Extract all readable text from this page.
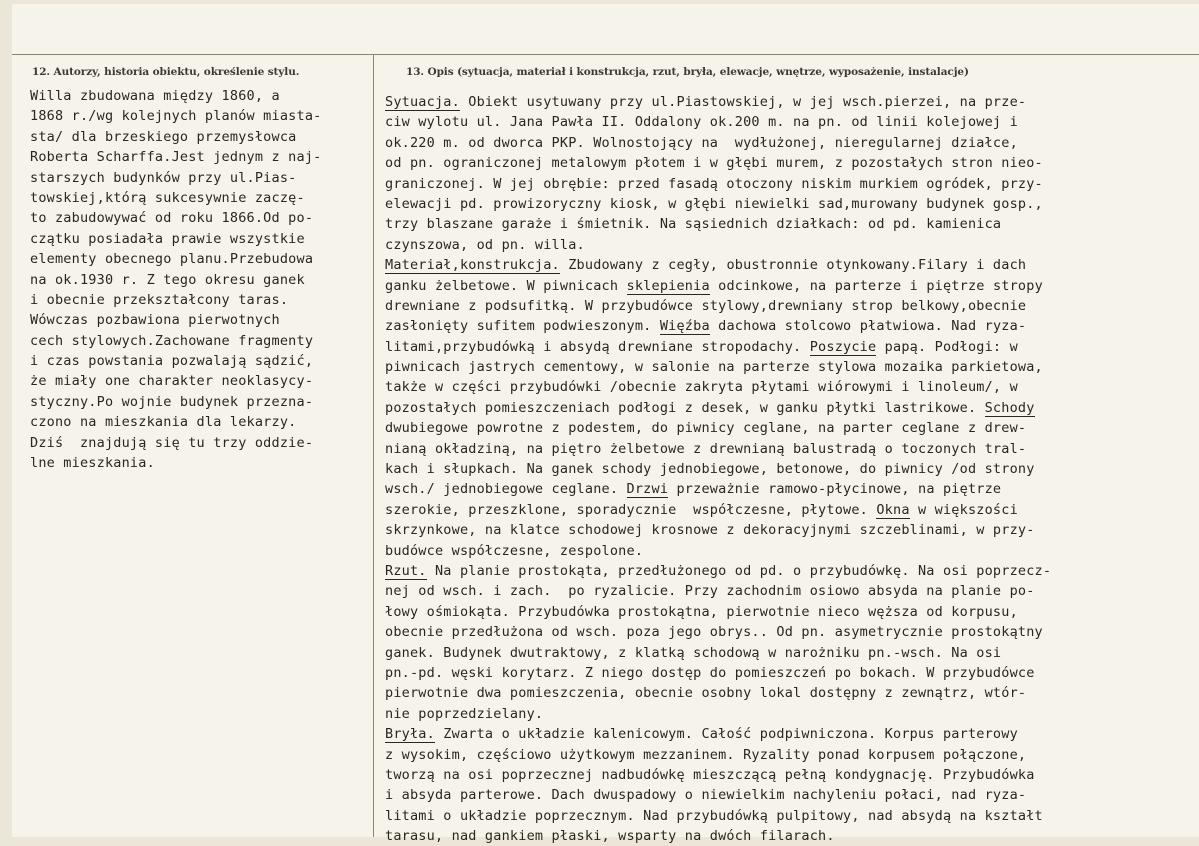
12. Autorzy, historia obiektu, określenie stylu.	13. Opis (sytuacja, materiał i konstrukcja, rzut, bryła, elewacje, wnętrze, wyposażenie, instalacje)
Willa zbudowana między 1860, a
1868 r./wg kolejnych planów miasta-
sta/ dla brzeskiego przemysłowca
Roberta Scharffa.Jest jednym z naj-
starszych budynków przy ul.Pias-
towskiej,którą sukcesywnie zaczę-
to zabudowywać od roku 1866.Od po-
czątku posiadała prawie wszystkie
elementy obecnego planu.Przebudowa
na ok.1930 r. Z tego okresu ganek
i obecnie przekształcony taras.
Wówczas pozbawiona pierwotnych
cech stylowych.Zachowane fragmenty
i czas powstania pozwalają sądzić,
że miały one charakter neoklasycy-
styczny.Po wojnie budynek przezna-
czono na mieszkania dla lekarzy.
Dziś  znajdują się tu trzy oddzie-
lne mieszkania.
Sytuacja. Obiekt usytuwany przy ul.Piastowskiej, w jej wsch.pierzei, na prze-
ciw wylotu ul. Jana Pawła II. Oddalony ok.200 m. na pn. od linii kolejowej i
ok.220 m. od dworca PKP. Wolnostojący na  wydłużonej, nieregularnej działce,
od pn. ograniczonej metalowym płotem i w głębi murem, z pozostałych stron nieo-
graniczonej. W jej obrębie: przed fasadą otoczony niskim murkiem ogródek, przy-
elewacji pd. prowizoryczny kiosk, w głębi niewielki sad,murowany budynek gosp.,
trzy blaszane garaże i śmietnik. Na sąsiednich działkach: od pd. kamienica
czynszowa, od pn. willa.
Materiał,konstrukcja. Zbudowany z cegły, obustronnie otynkowany.Filary i dach
ganku żelbetowe. W piwnicach sklepienia odcinkowe, na parterze i piętrze stropy
drewniane z podsufitką. W przybudówce stylowy,drewniany strop belkowy,obecnie
zasłonięty sufitem podwieszonym. Więźba dachowa stolcowo płatwiowa. Nad ryza-
litami,przybudówką i absydą drewniane stropodachy. Poszycie papą. Podłogi: w
piwnicach jastrych cementowy, w salonie na parterze stylowa mozaika parkietowa,
także w części przybudówki /obecnie zakryta płytami wiórowymi i linoleum/, w
pozostałych pomieszczeniach podłogi z desek, w ganku płytki lastrikowe. Schody
dwubiegowe powrotne z podestem, do piwnicy ceglane, na parter ceglane z drew-
nianą okładziną, na piętro żelbetowe z drewnianą balustradą o toczonych tral-
kach i słupkach. Na ganek schody jednobiegowe, betonowe, do piwnicy /od strony
wsch./ jednobiegowe ceglane. Drzwi przeważnie ramowo-płycinowe, na piętrze
szerokie, przeszklone, sporadycznie  współczesne, płytowe. Okna w większości
skrzynkowe, na klatce schodowej krosnowe z dekoracyjnymi szczeblinami, w przy-
budówce współczesne, zespolone.
Rzut. Na planie prostokąta, przedłużonego od pd. o przybudówkę. Na osi poprzecz-
nej od wsch. i zach.  po ryzalicie. Przy zachodnim osiowo absyda na planie po-
łowy ośmiokąta. Przybudówka prostokątna, pierwotnie nieco węższa od korpusu,
obecnie przedłużona od wsch. poza jego obrys.. Od pn. asymetrycznie prostokątny
ganek. Budynek dwutraktowy, z klatką schodową w narożniku pn.-wsch. Na osi
pn.-pd. węski korytarz. Z niego dostęp do pomieszczeń po bokach. W przybudówce
pierwotnie dwa pomieszczenia, obecnie osobny lokal dostępny z zewnątrz, wtór-
nie poprzedzielany.
Bryła. Zwarta o układzie kalenicowym. Całość podpiwniczona. Korpus parterowy
z wysokim, częściowo użytkowym mezzaninem. Ryzality ponad korpusem połączone,
tworzą na osi poprzecznej nadbudówkę mieszczącą pełną kondygnację. Przybudówka
i absyda parterowe. Dach dwuspadowy o niewielkim nachyleniu połaci, nad ryza-
litami o układzie poprzecznym. Nad przybudówką pulpitowy, nad absydą na kształt
tarasu, nad gankiem płaski, wsparty na dwóch filarach.
